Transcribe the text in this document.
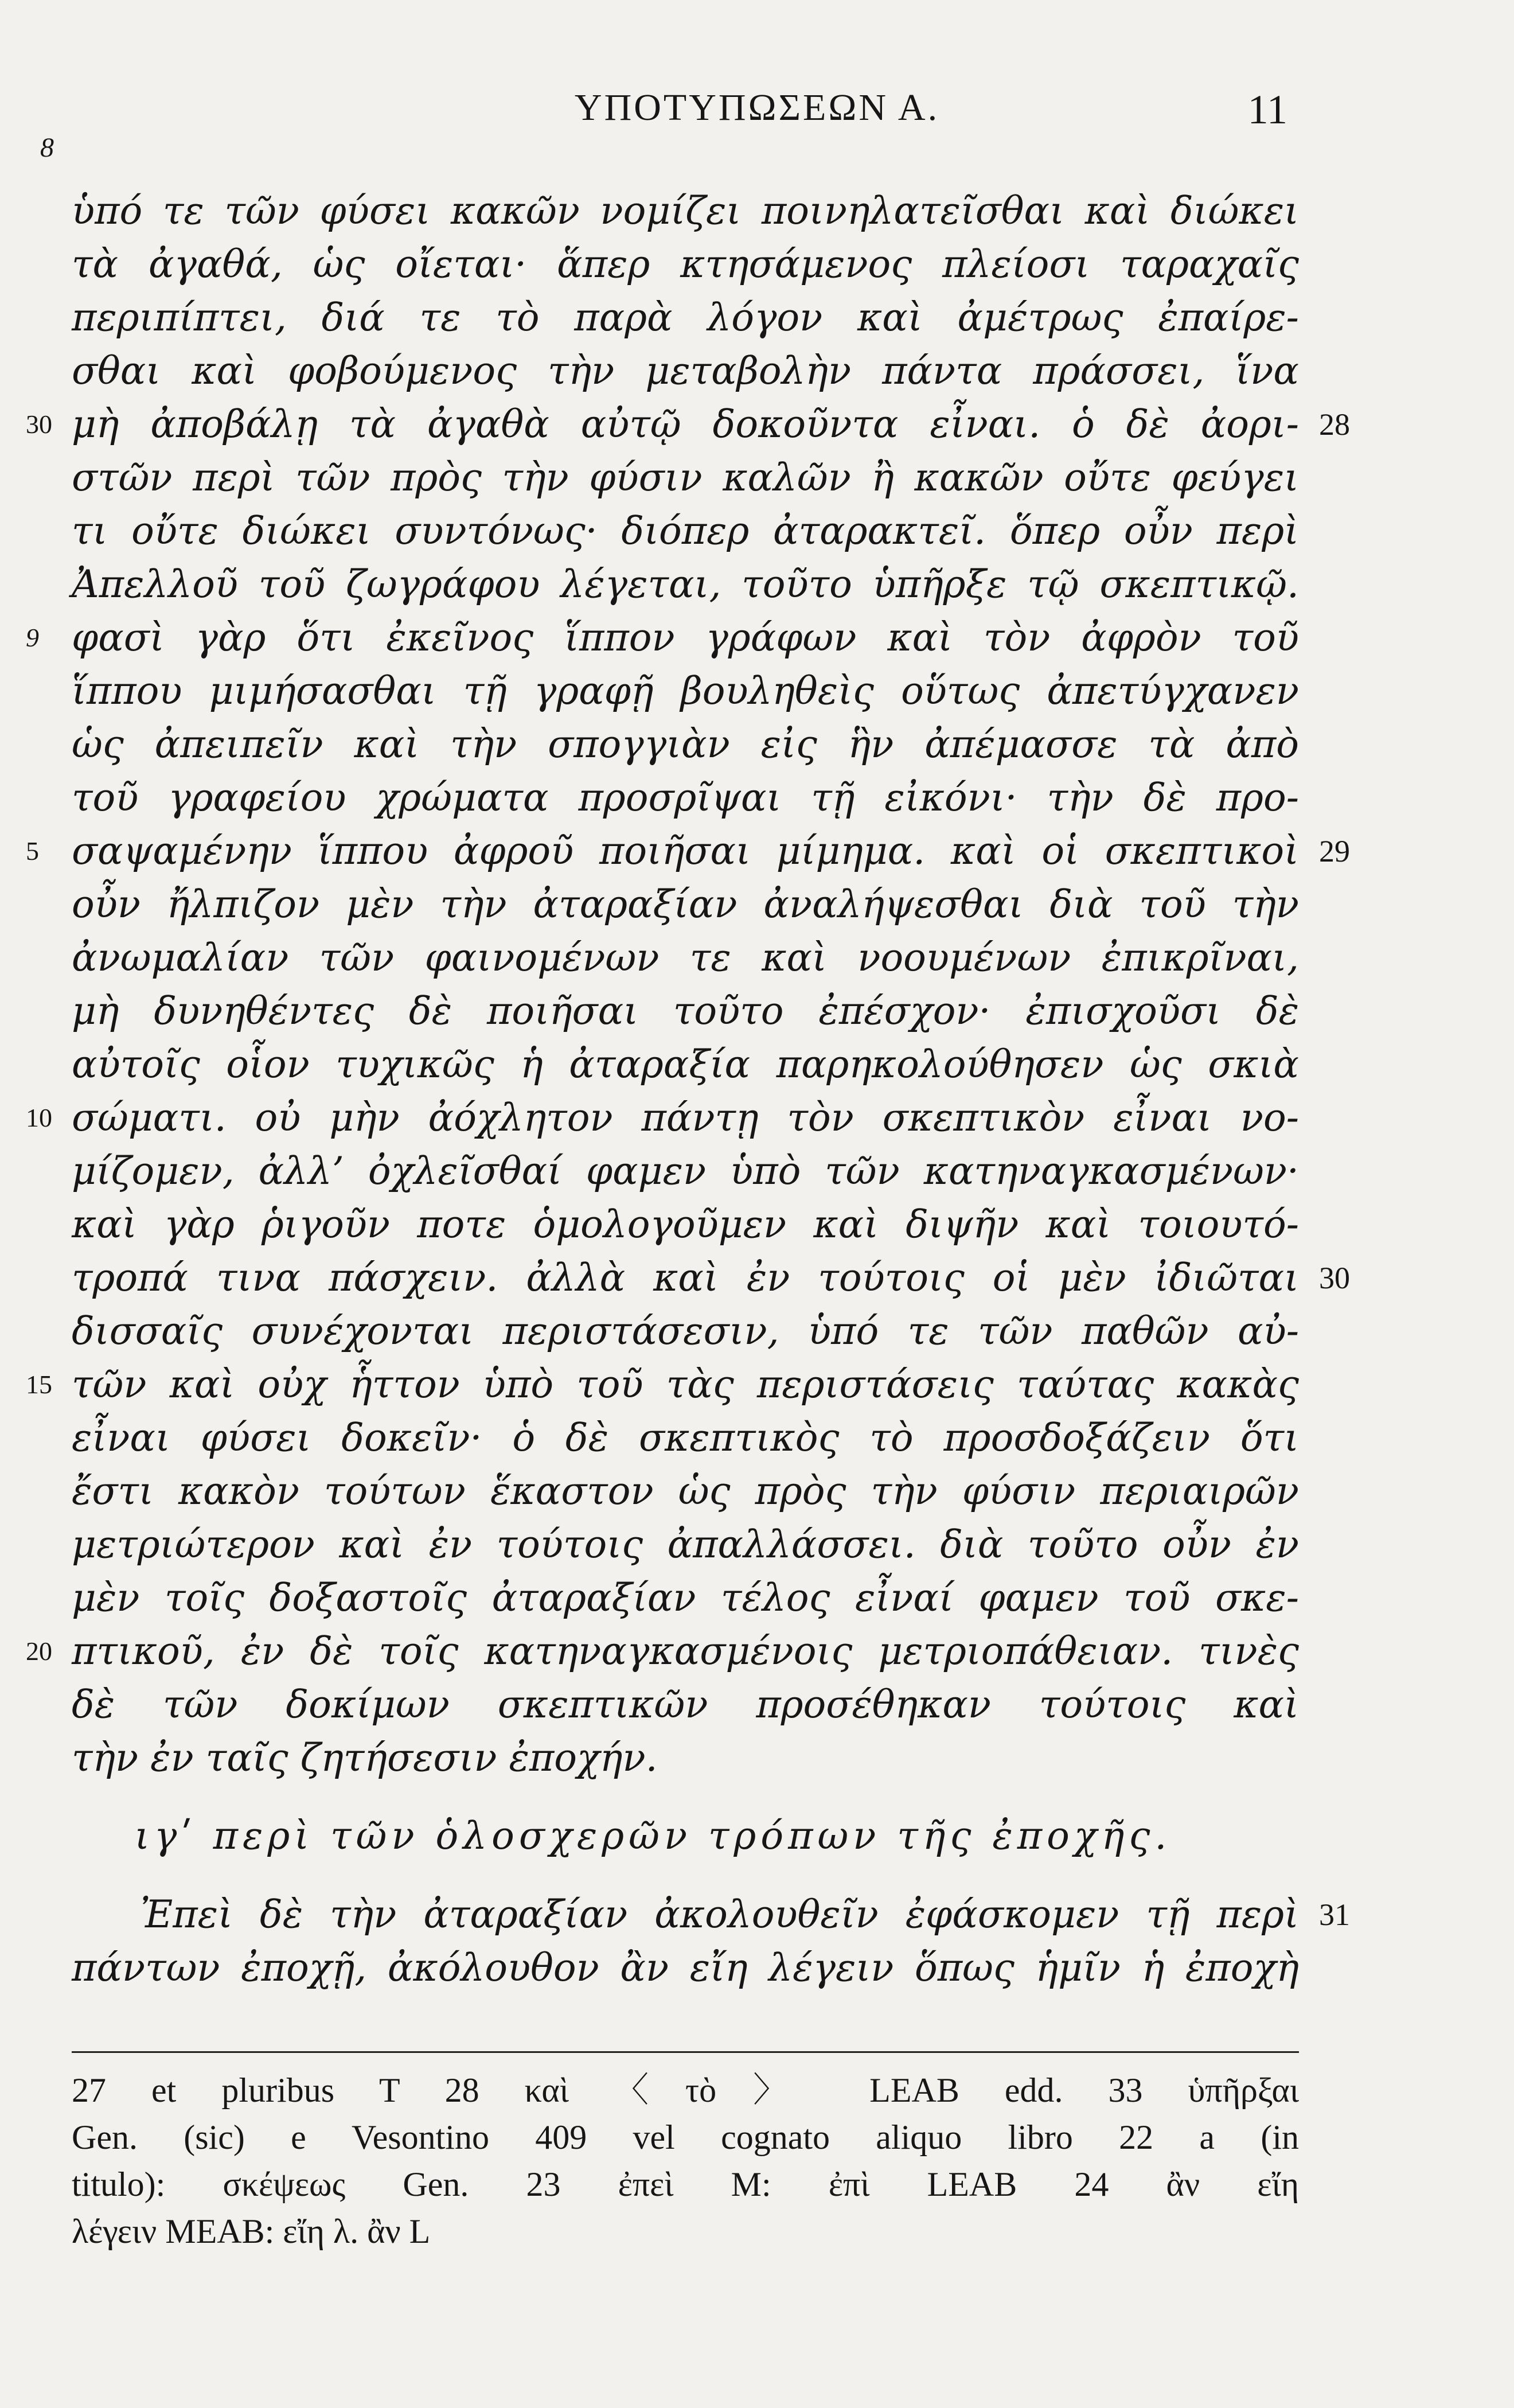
ΥΠΟΤΥΠΩΣΕΩΝ Α.	11
8
ὑπό τε τῶν φύσει κακῶν νομίζει ποινηλατεῖσθαι καὶ διώκει
τὰ ἀγαθά, ὡς οἴεται· ἅπερ κτησάμενος πλείοσι ταραχαῖς
περιπίπτει, διά τε τὸ παρὰ λόγον καὶ ἀμέτρως ἐπαίρε-
σθαι καὶ φοβούμενος τὴν μεταβολὴν πάντα πράσσει, ἵνα
μὴ ἀποβάλῃ τὰ ἀγαθὰ αὐτῷ δοκοῦντα εἶναι. ὁ δὲ ἀορι-
στῶν περὶ τῶν πρὸς τὴν φύσιν καλῶν ἢ κακῶν οὔτε φεύγει
τι οὔτε διώκει συντόνως· διόπερ ἀταρακτεῖ. ὅπερ οὖν περὶ
Ἀπελλοῦ τοῦ ζωγράφου λέγεται, τοῦτο ὑπῆρξε τῷ σκεπτικῷ.
φασὶ γὰρ ὅτι ἐκεῖνος ἵππον γράφων καὶ τὸν ἀφρὸν τοῦ
ἵππου μιμήσασθαι τῇ γραφῇ βουληθεὶς οὕτως ἀπετύγχανεν
ὡς ἀπειπεῖν καὶ τὴν σπογγιὰν εἰς ἣν ἀπέμασσε τὰ ἀπὸ
τοῦ γραφείου χρώματα προσρῖψαι τῇ εἰκόνι· τὴν δὲ προ-
σαψαμένην ἵππου ἀφροῦ ποιῆσαι μίμημα. καὶ οἱ σκεπτικοὶ
οὖν ἤλπιζον μὲν τὴν ἀταραξίαν ἀναλήψεσθαι διὰ τοῦ τὴν
ἀνωμαλίαν τῶν φαινομένων τε καὶ νοουμένων ἐπικρῖναι,
μὴ δυνηθέντες δὲ ποιῆσαι τοῦτο ἐπέσχον· ἐπισχοῦσι δὲ
αὐτοῖς οἷον τυχικῶς ἡ ἀταραξία παρηκολούθησεν ὡς σκιὰ
σώματι. οὐ μὴν ἀόχλητον πάντῃ τὸν σκεπτικὸν εἶναι νο-
μίζομεν, ἀλλ’ ὀχλεῖσθαί φαμεν ὑπὸ τῶν κατηναγκασμένων·
καὶ γὰρ ῥιγοῦν ποτε ὁμολογοῦμεν καὶ διψῆν καὶ τοιουτό-
τροπά τινα πάσχειν. ἀλλὰ καὶ ἐν τούτοις οἱ μὲν ἰδιῶται
δισσαῖς συνέχονται περιστάσεσιν, ὑπό τε τῶν παθῶν αὐ-
τῶν καὶ οὐχ ἧττον ὑπὸ τοῦ τὰς περιστάσεις ταύτας κακὰς
εἶναι φύσει δοκεῖν· ὁ δὲ σκεπτικὸς τὸ προσδοξάζειν ὅτι
ἔστι κακὸν τούτων ἕκαστον ὡς πρὸς τὴν φύσιν περιαιρῶν
μετριώτερον καὶ ἐν τούτοις ἀπαλλάσσει. διὰ τοῦτο οὖν ἐν
μὲν τοῖς δοξαστοῖς ἀταραξίαν τέλος εἶναί φαμεν τοῦ σκε-
πτικοῦ, ἐν δὲ τοῖς κατηναγκασμένοις μετριοπάθειαν. τινὲς
δὲ τῶν δοκίμων σκεπτικῶν προσέθηκαν τούτοις καὶ
τὴν ἐν ταῖς ζητήσεσιν ἐποχήν.
ιγʹ περὶ τῶν ὁλοσχερῶν τρόπων τῆς ἐποχῆς.
Ἐπεὶ δὲ τὴν ἀταραξίαν ἀκολουθεῖν ἐφάσκομεν τῇ περὶ
πάντων ἐποχῇ, ἀκόλουθον ἂν εἴη λέγειν ὅπως ἡμῖν ἡ ἐποχὴ
30
9
5
10
15
20
28
29
30
31
27 et pluribus T 28 καὶ 〈τὸ〉 LEAB edd. 33 ὑπῆρξαι
Gen. (sic) e Vesontino 409 vel cognato aliquo libro 22 a (in
titulo): σκέψεως Gen. 23 ἐπεὶ M: ἐπὶ LEAB 24 ἂν εἴη
λέγειν MEAB: εἴη λ. ἂν L
